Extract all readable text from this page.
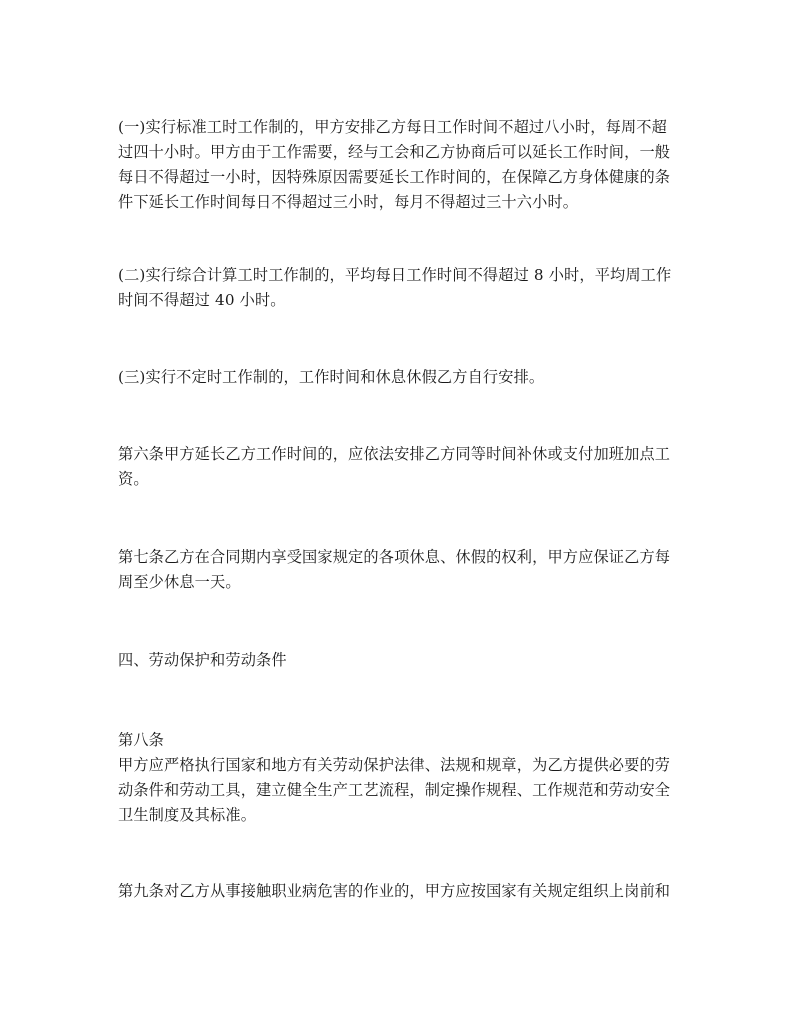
(一)实行标准工时工作制的，甲方安排乙方每日工作时间不超过八小时，每周不超
过四十小时。甲方由于工作需要，经与工会和乙方协商后可以延长工作时间，一般
每日不得超过一小时，因特殊原因需要延长工作时间的，在保障乙方身体健康的条
件下延长工作时间每日不得超过三小时，每月不得超过三十六小时。

(二)实行综合计算工时工作制的，平均每日工作时间不得超过 8 小时，平均周工作
时间不得超过 40 小时。

(三)实行不定时工作制的，工作时间和休息休假乙方自行安排。

第六条甲方延长乙方工作时间的，应依法安排乙方同等时间补休或支付加班加点工
资。

第七条乙方在合同期内享受国家规定的各项休息、休假的权利，甲方应保证乙方每
周至少休息一天。

四、劳动保护和劳动条件

第八条
甲方应严格执行国家和地方有关劳动保护法律、法规和规章，为乙方提供必要的劳
动条件和劳动工具，建立健全生产工艺流程，制定操作规程、工作规范和劳动安全
卫生制度及其标准。

第九条对乙方从事接触职业病危害的作业的，甲方应按国家有关规定组织上岗前和
